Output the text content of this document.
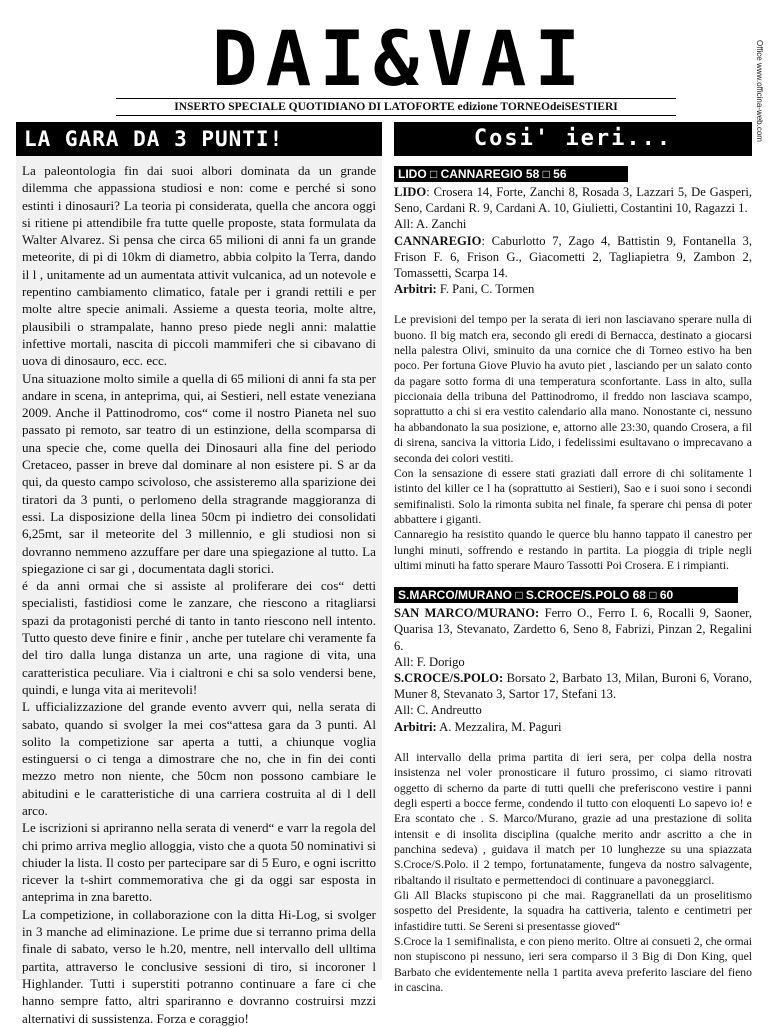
DAI&VAI	Office www.officina-web.com
INSERTO SPECIALE QUOTIDIANO DI LATOFORTE edizione TORNEOdeiSESTIERI
LA GARA DA 3 PUNTI!

La paleontologia fin dai suoi albori dominata da un grande dilemma che appassiona studiosi e non: come e perché si sono estinti i dinosauri? La teoria pi considerata, quella che ancora oggi si ritiene pi attendibile fra tutte quelle proposte, stata formulata da Walter Alvarez. Si pensa che circa 65 milioni di anni fa un grande meteorite, di pi di 10km di diametro, abbia colpito la Terra, dando il l , unitamente ad un aumentata attivit vulcanica, ad un notevole e repentino cambiamento climatico, fatale per i grandi rettili e per molte altre specie animali. Assieme a questa teoria, molte altre, plausibili o strampalate, hanno preso piede negli anni: malattie infettive mortali, nascita di piccoli mammiferi che si cibavano di uova di dinosauro, ecc. ecc.

Una situazione molto simile a quella di 65 milioni di anni fa sta per andare in scena, in anteprima, qui, ai Sestieri, nell estate veneziana 2009. Anche il Pattinodromo, cos“ come il nostro Pianeta nel suo passato pi remoto, sar teatro di un estinzione, della scomparsa di una specie che, come quella dei Dinosauri alla fine del periodo Cretaceo, passer in breve dal dominare al non esistere pi. S ar da qui, da questo campo scivoloso, che assisteremo alla sparizione dei tiratori da 3 punti, o perlomeno della stragrande maggioranza di essi. La disposizione della linea 50cm pi indietro dei consolidati 6,25mt, sar il meteorite del 3 millennio, e gli studiosi non si dovranno nemmeno azzuffare per dare una spiegazione al tutto. La spiegazione ci sar gi , documentata dagli storici.

é da anni ormai che si assiste al proliferare dei cos“ detti specialisti, fastidiosi come le zanzare, che riescono a ritagliarsi spazi da protagonisti perché di tanto in tanto riescono nell intento. Tutto questo deve finire e finir , anche per tutelare chi veramente fa del tiro dalla lunga distanza un arte, una ragione di vita, una caratteristica peculiare. Via i cialtroni e chi sa solo vendersi bene, quindi, e lunga vita ai meritevoli!

L ufficializzazione del grande evento avverr qui, nella serata di sabato, quando si svolger la mei cos“attesa gara da 3 punti. Al solito la competizione sar aperta a tutti, a chiunque voglia estinguersi o ci tenga a dimostrare che no, che in fin dei conti mezzo metro non niente, che 50cm non possono cambiare le abitudini e le caratteristiche di una carriera costruita al di l dell arco.

Le iscrizioni si apriranno nella serata di venerd“ e varr la regola del chi primo arriva meglio alloggia, visto che a quota 50 nominativi si chiuder la lista. Il costo per partecipare sar di 5 Euro, e ogni iscritto ricever la t-shirt commemorativa che gi da oggi sar esposta in anteprima in zna baretto.

La competizione, in collaborazione con la ditta Hi-Log, si svolger in 3 manche ad eliminazione. Le prime due si terranno prima della finale di sabato, verso le h.20, mentre, nell intervallo dell ulltima partita, attraverso le conclusive sessioni di tiro, si incoroner l Highlander. Tutti i superstiti potranno continuare a fare ci che hanno sempre fatto, altri spariranno e dovranno costruirsi mzzi alternativi di sussistenza. Forza e coraggio!

Cosi' ieri...
LIDO □ CANNAREGIO 58 □ 56

LIDO: Crosera 14, Forte, Zanchi 8, Rosada 3, Lazzari 5, De Gasperi, Seno, Cardani R. 9, Cardani A. 10, Giulietti, Costantini 10, Ragazzi 1.

All: A. Zanchi

CANNAREGIO: Caburlotto 7, Zago 4, Battistin 9, Fontanella 3, Frison F. 6, Frison G., Giacometti 2, Tagliapietra 9, Zambon 2, Tomassetti, Scarpa 14.

Arbitri: F. Pani, C. Tormen

Le previsioni del tempo per la serata di ieri non lasciavano sperare nulla di buono. Il big match era, secondo gli eredi di Bernacca, destinato a giocarsi nella palestra Olivi, sminuito da una cornice che di Torneo estivo ha ben poco. Per fortuna Giove Pluvio ha avuto piet , lasciando per un salato conto da pagare sotto forma di una temperatura sconfortante. Lass in alto, sulla piccionaia della tribuna del Pattinodromo, il freddo non lasciava scampo, soprattutto a chi si era vestito calendario alla mano. Nonostante ci, nessuno ha abbandonato la sua posizione, e, attorno alle 23:30, quando Crosera, a fil di sirena, sanciva la vittoria Lido, i fedelissimi esultavano o imprecavano a seconda dei colori vestiti.

Con la sensazione di essere stati graziati dall errore di chi solitamente l istinto del killer ce l ha (soprattutto ai Sestieri), Sao e i suoi sono i secondi semifinalisti. Solo la rimonta subita nel finale, fa sperare chi pensa di poter abbattere i giganti.

Cannaregio ha resistito quando le querce blu hanno tappato il canestro per lunghi minuti, soffrendo e restando in partita. La pioggia di triple negli ultimi minuti ha fatto sperare Mauro Tassotti Poi Crosera. E i rimpianti.

S.MARCO/MURANO □ S.CROCE/S.POLO 68 □ 60

SAN MARCO/MURANO: Ferro O., Ferro I. 6, Rocalli 9, Saoner, Quarisa 13, Stevanato, Zardetto 6, Seno 8, Fabrizi, Pinzan 2, Regalini 6.

All: F. Dorigo

S.CROCE/S.POLO: Borsato 2, Barbato 13, Milan, Buroni 6, Vorano, Muner 8, Stevanato 3, Sartor 17, Stefani 13.

All: C. Andreutto

Arbitri: A. Mezzalira, M. Paguri

All intervallo della prima partita di ieri sera, per colpa della nostra insistenza nel voler pronosticare il futuro prossimo, ci siamo ritrovati oggetto di scherno da parte di tutti quelli che preferiscono vestire i panni degli esperti a bocce ferme, condendo il tutto con eloquenti Lo sapevo io! e Era scontato che . S. Marco/Murano, grazie ad una prestazione di solita intensit e di insolita disciplina (qualche merito andr ascritto a che in panchina sedeva) , guidava il match per 10 lunghezze su una spiazzata S.Croce/S.Polo. il 2 tempo, fortunatamente, fungeva da nostro salvagente, ribaltando il risultato e permettendoci di continuare a pavoneggiarci.

Gli All Blacks stupiscono pi che mai. Raggranellati da un proselitismo sospetto del Presidente, la squadra ha cattiveria, talento e centimetri per infastidire tutti. Se Sereni si presentasse gioved“

S.Croce la 1 semifinalista, e con pieno merito. Oltre ai consueti 2, che ormai non stupiscono pi nessuno, ieri sera comparso il 3 Big di Don King, quel Barbato che evidentemente nella 1 partita aveva preferito lasciare del fieno in cascina.
